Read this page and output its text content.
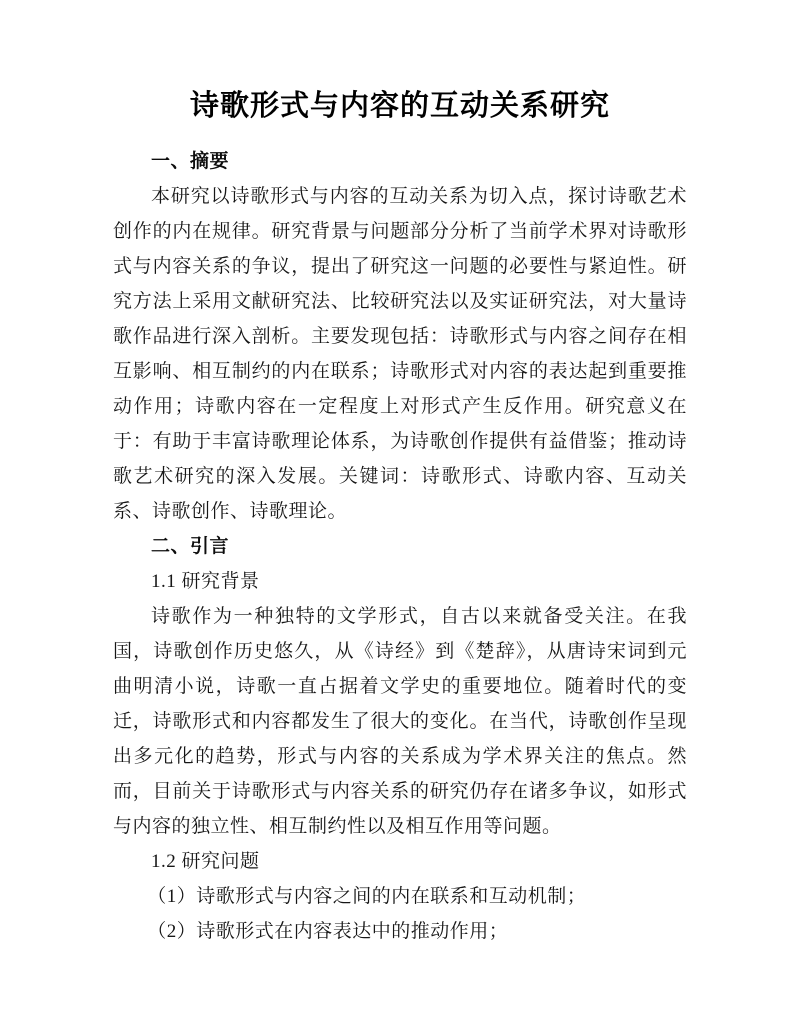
诗歌形式与内容的互动关系研究
一、摘要

本研究以诗歌形式与内容的互动关系为切入点，探讨诗歌艺术创作的内在规律。研究背景与问题部分分析了当前学术界对诗歌形式与内容关系的争议，提出了研究这一问题的必要性与紧迫性。研究方法上采用文献研究法、比较研究法以及实证研究法，对大量诗歌作品进行深入剖析。主要发现包括：诗歌形式与内容之间存在相互影响、相互制约的内在联系；诗歌形式对内容的表达起到重要推动作用；诗歌内容在一定程度上对形式产生反作用。研究意义在于：有助于丰富诗歌理论体系，为诗歌创作提供有益借鉴；推动诗歌艺术研究的深入发展。关键词：诗歌形式、诗歌内容、互动关系、诗歌创作、诗歌理论。

二、引言
1.1 研究背景

诗歌作为一种独特的文学形式，自古以来就备受关注。在我国，诗歌创作历史悠久，从《诗经》到《楚辞》，从唐诗宋词到元曲明清小说，诗歌一直占据着文学史的重要地位。随着时代的变迁，诗歌形式和内容都发生了很大的变化。在当代，诗歌创作呈现出多元化的趋势，形式与内容的关系成为学术界关注的焦点。然而，目前关于诗歌形式与内容关系的研究仍存在诸多争议，如形式与内容的独立性、相互制约性以及相互作用等问题。

1.2 研究问题

（1）诗歌形式与内容之间的内在联系和互动机制；

（2）诗歌形式在内容表达中的推动作用；
